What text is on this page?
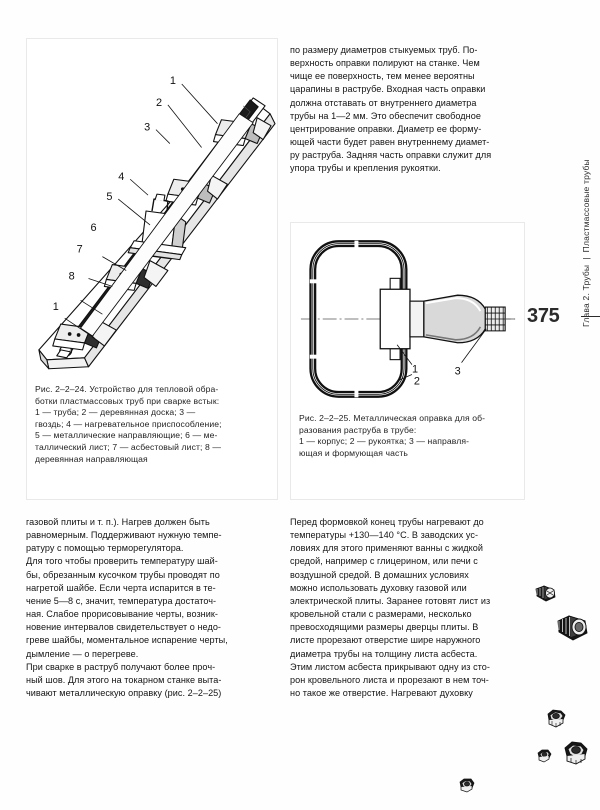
1
2
3
4
5
6
7
8
1
Рис. 2–2–24. Устройство для тепловой обра-
ботки пластмассовых труб при сварке встык:
1 — труба; 2 — деревянная доска; 3 —
гвоздь; 4 — нагревательное приспособление;
5 — металлические направляющие; 6 — ме-
таллический лист; 7 — асбестовый лист; 8 —
деревянная направляющая
1
2
3
Рис. 2–2–25. Металлическая оправка для об-
разования раструба в трубе:
1 — корпус; 2 — рукоятка; 3 — направля-
ющая и формующая часть

по размеру диаметров стыкуемых труб. По-
верхность оправки полируют на станке. Чем
чище ее поверхность, тем менее вероятны
царапины в раструбе. Входная часть оправки
должна отставать от внутреннего диаметра
трубы на 1—2 мм. Это обеспечит свободное
центрирование оправки. Диаметр ее форму-
ющей части будет равен внутреннему диамет-
ру раструба. Задняя часть оправки служит для
упора трубы и крепления рукоятки.

газовой плиты и т. п.). Нагрев должен быть
равномерным. Поддерживают нужную темпе-
ратуру с помощью терморегулятора.

Для того чтобы проверить температуру шай-
бы, обрезанным кусочком трубы проводят по
нагретой шайбе. Если черта испарится в те-
чение 5—8 с, значит, температура достаточ-
ная. Слабое прорисовывание черты, возник-
новение интервалов свидетельствует о недо-
греве шайбы, моментальное испарение черты,
дымление — о перегреве.

При сварке в раструб получают более проч-
ный шов. Для этого на токарном станке выта-
чивают металлическую оправку (рис. 2–2–25)

Перед формовкой конец трубы нагревают до
температуры +130—140 °С. В заводских ус-
ловиях для этого применяют ванны с жидкой
средой, например с глицерином, или печи с
воздушной средой. В домашних условиях
можно использовать духовку газовой или
электрической плиты. Заранее готовят лист из
кровельной стали с размерами, несколько
превосходящими размеры дверцы плиты. В
листе прорезают отверстие шире наружного
диаметра трубы на толщину листа асбеста.
Этим листом асбеста прикрывают одну из сто-
рон кровельного листа и прорезают в нем точ-
но такое же отверстие. Нагревают духовку

375	Глава 2. Трубы|Пластмассовые трубы
